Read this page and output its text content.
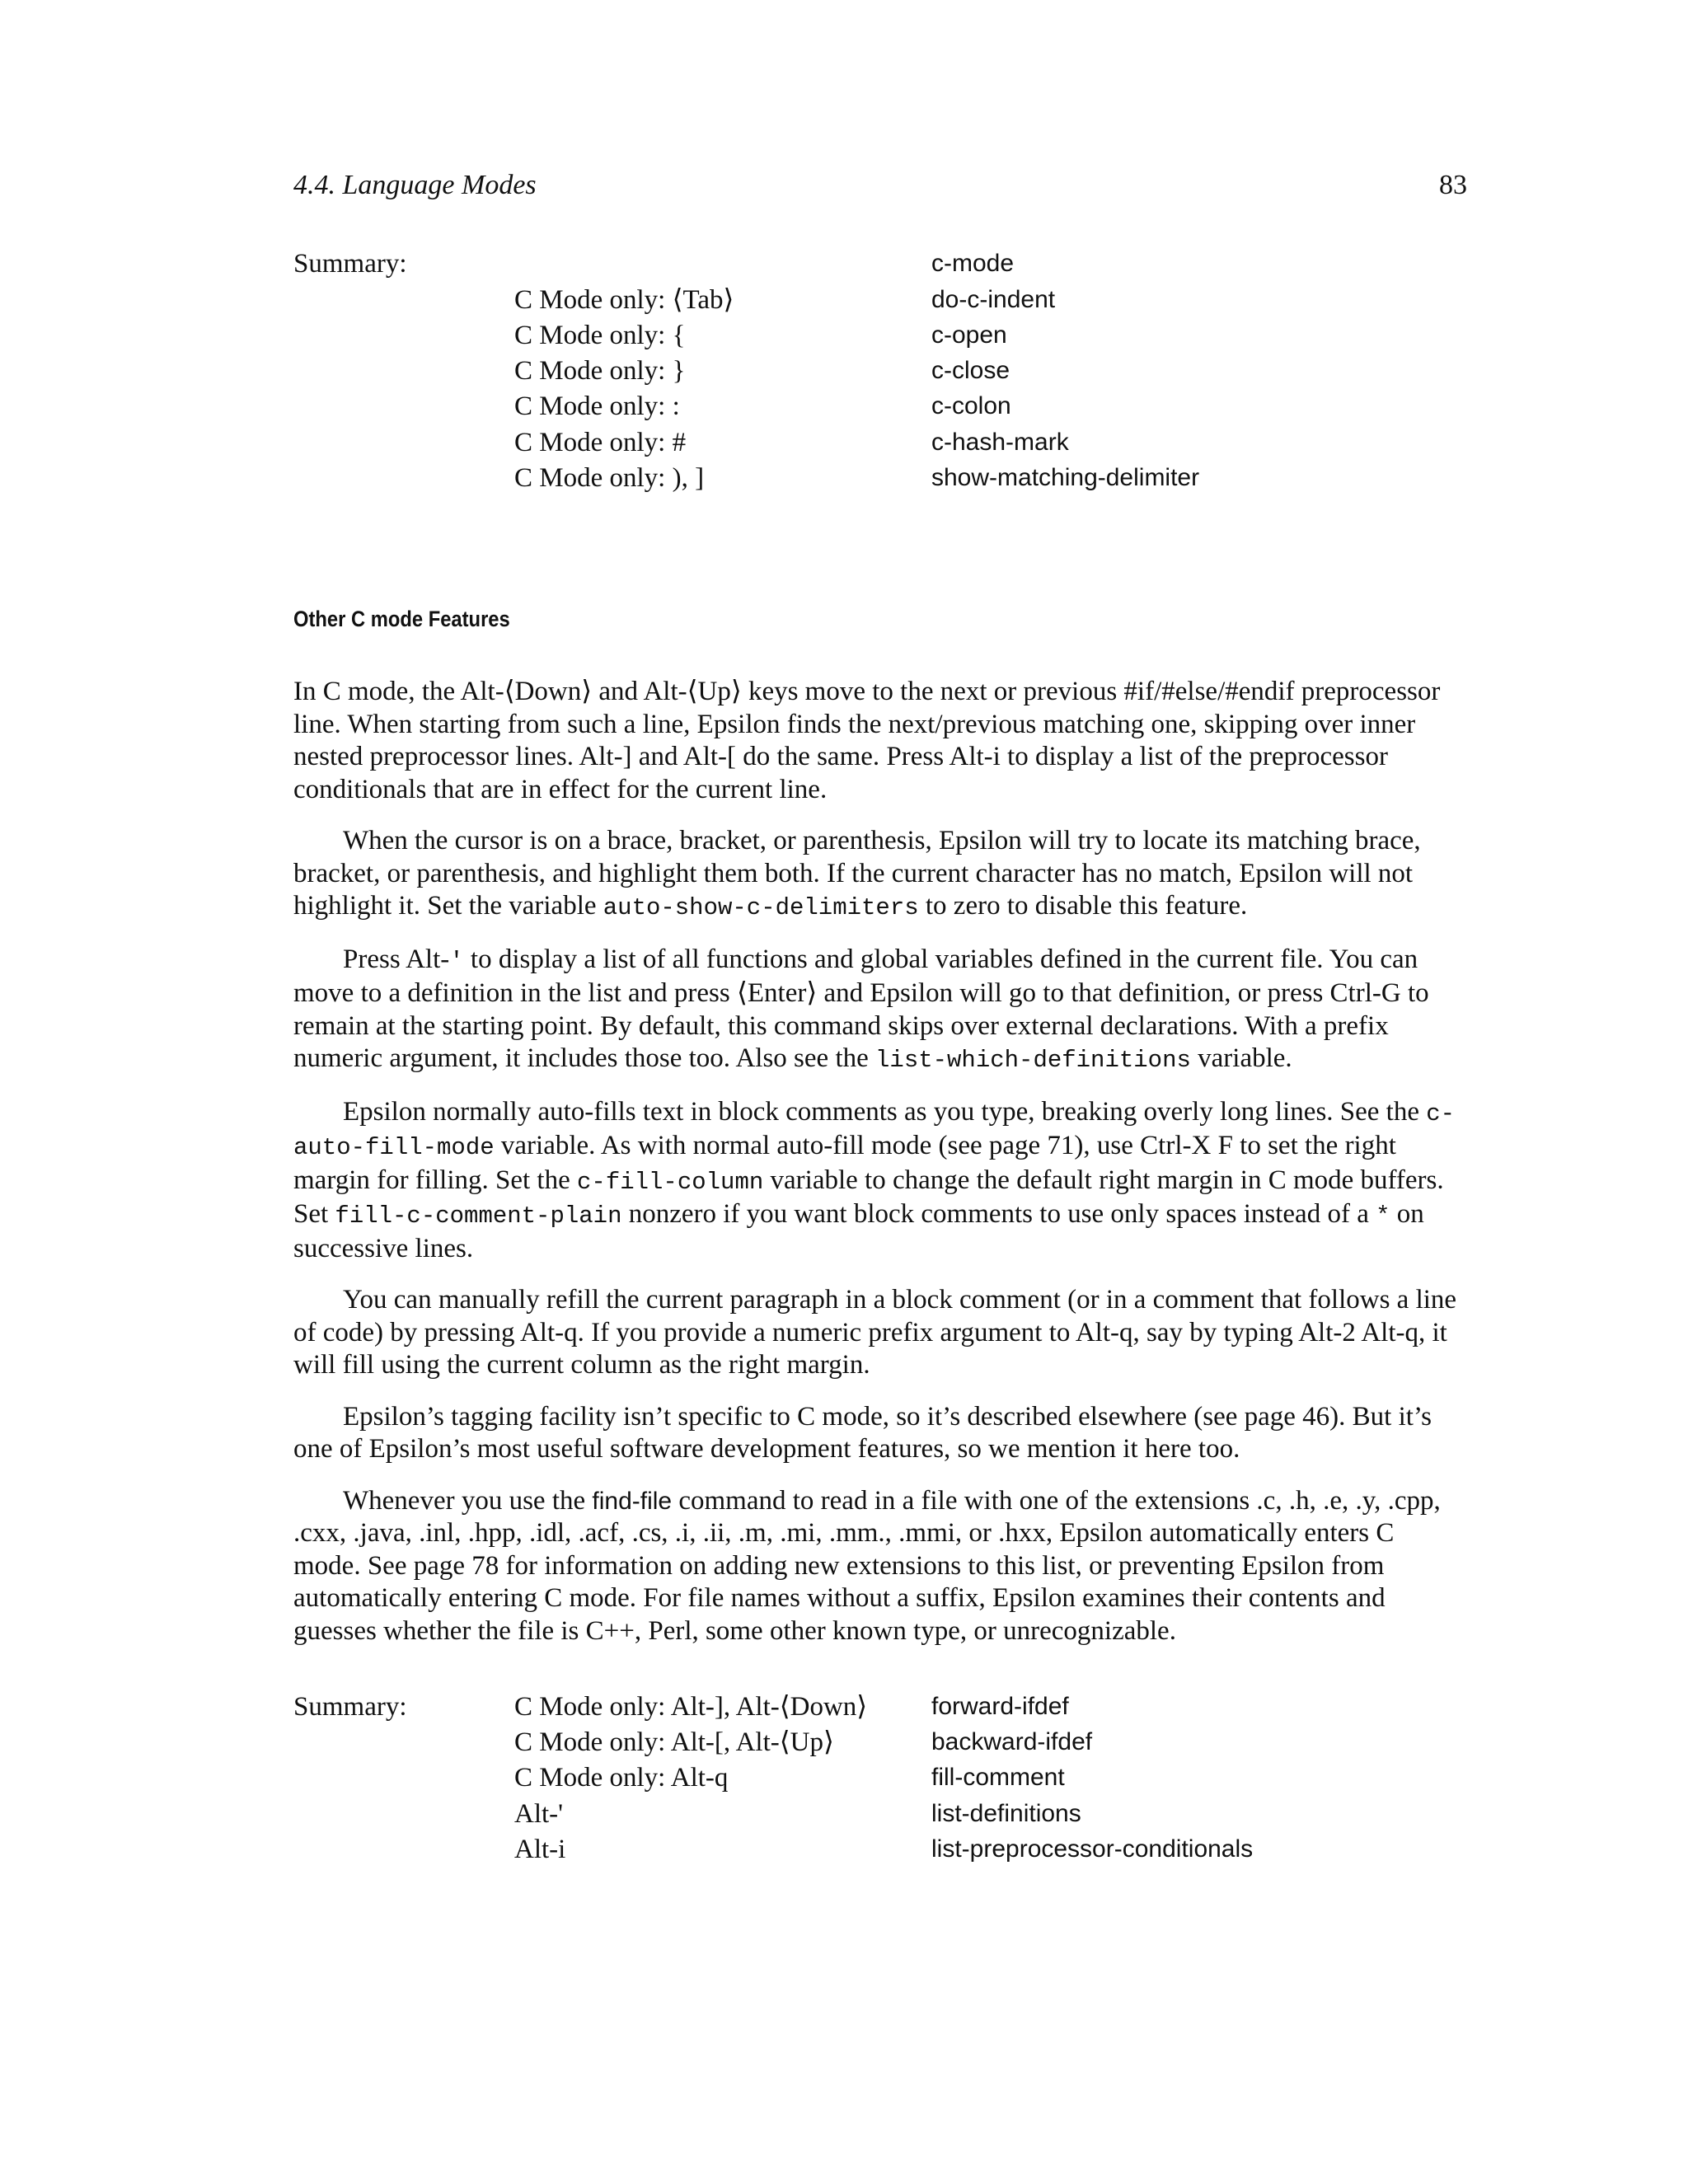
4.4. Language Modes	83
Summary:	c-mode
C Mode only: ⟨Tab⟩	do-c-indent
C Mode only: {	c-open
C Mode only: }	c-close
C Mode only: :	c-colon
C Mode only: #	c-hash-mark
C Mode only: ), ]	show-matching-delimiter
Other C mode Features

In C mode, the Alt-⟨Down⟩ and Alt-⟨Up⟩ keys move to the next or previous #if/#else/#endif preprocessor line. When starting from such a line, Epsilon finds the next/previous matching one, skipping over inner nested preprocessor lines. Alt-] and Alt-[ do the same. Press Alt-i to display a list of the preprocessor conditionals that are in effect for the current line.

When the cursor is on a brace, bracket, or parenthesis, Epsilon will try to locate its matching brace, bracket, or parenthesis, and highlight them both. If the current character has no match, Epsilon will not highlight it. Set the variable auto-show-c-delimiters to zero to disable this feature.

Press Alt-' to display a list of all functions and global variables defined in the current file. You can move to a definition in the list and press ⟨Enter⟩ and Epsilon will go to that definition, or press Ctrl-G to remain at the starting point. By default, this command skips over external declarations. With a prefix numeric argument, it includes those too. Also see the list-which-definitions variable.

Epsilon normally auto-fills text in block comments as you type, breaking overly long lines. See the c-auto-fill-mode variable. As with normal auto-fill mode (see page 71), use Ctrl-X F to set the right margin for filling. Set the c-fill-column variable to change the default right margin in C mode buffers. Set fill-c-comment-plain nonzero if you want block comments to use only spaces instead of a * on successive lines.

You can manually refill the current paragraph in a block comment (or in a comment that follows a line of code) by pressing Alt-q. If you provide a numeric prefix argument to Alt-q, say by typing Alt-2 Alt-q, it will fill using the current column as the right margin.

Epsilon’s tagging facility isn’t specific to C mode, so it’s described elsewhere (see page 46). But it’s one of Epsilon’s most useful software development features, so we mention it here too.

Whenever you use the find-file command to read in a file with one of the extensions .c, .h, .e, .y, .cpp, .cxx, .java, .inl, .hpp, .idl, .acf, .cs, .i, .ii, .m, .mi, .mm., .mmi, or .hxx, Epsilon automatically enters C mode. See page 78 for information on adding new extensions to this list, or preventing Epsilon from automatically entering C mode. For file names without a suffix, Epsilon examines their contents and guesses whether the file is C++, Perl, some other known type, or unrecognizable.

Summary:	C Mode only: Alt-], Alt-⟨Down⟩	forward-ifdef
C Mode only: Alt-[, Alt-⟨Up⟩	backward-ifdef
C Mode only: Alt-q	fill-comment
Alt-'	list-definitions
Alt-i	list-preprocessor-conditionals
